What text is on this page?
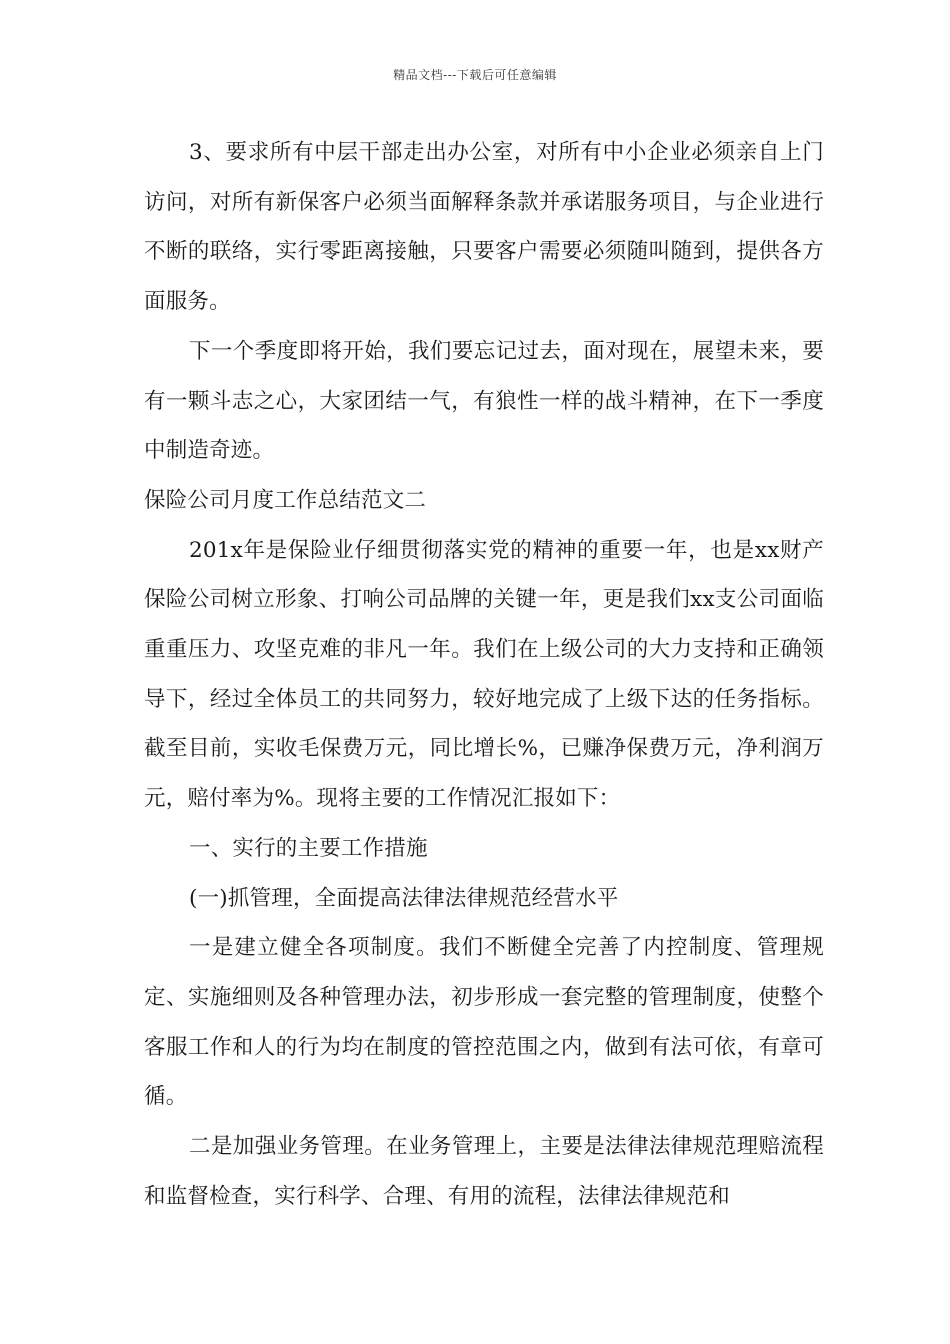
精品文档---下载后可任意编辑

3、要求所有中层干部走出办公室，对所有中小企业必须亲自上门访问，对所有新保客户必须当面解释条款并承诺服务项目，与企业进行不断的联络，实行零距离接触，只要客户需要必须随叫随到，提供各方面服务。

下一个季度即将开始，我们要忘记过去，面对现在，展望未来，要有一颗斗志之心，大家团结一气，有狼性一样的战斗精神，在下一季度中制造奇迹。

保险公司月度工作总结范文二

201x年是保险业仔细贯彻落实党的精神的重要一年，也是xx财产保险公司树立形象、打响公司品牌的关键一年，更是我们xx支公司面临重重压力、攻坚克难的非凡一年。我们在上级公司的大力支持和正确领导下，经过全体员工的共同努力，较好地完成了上级下达的任务指标。截至目前，实收毛保费万元，同比增长%，已赚净保费万元，净利润万元，赔付率为%。现将主要的工作情况汇报如下：

一、实行的主要工作措施

(一)抓管理，全面提高法律法律规范经营水平

一是建立健全各项制度。我们不断健全完善了内控制度、管理规定、实施细则及各种管理办法，初步形成一套完整的管理制度，使整个客服工作和人的行为均在制度的管控范围之内，做到有法可依，有章可循。

二是加强业务管理。在业务管理上，主要是法律法律规范理赔流程和监督检查，实行科学、合理、有用的流程，法律法律规范和
